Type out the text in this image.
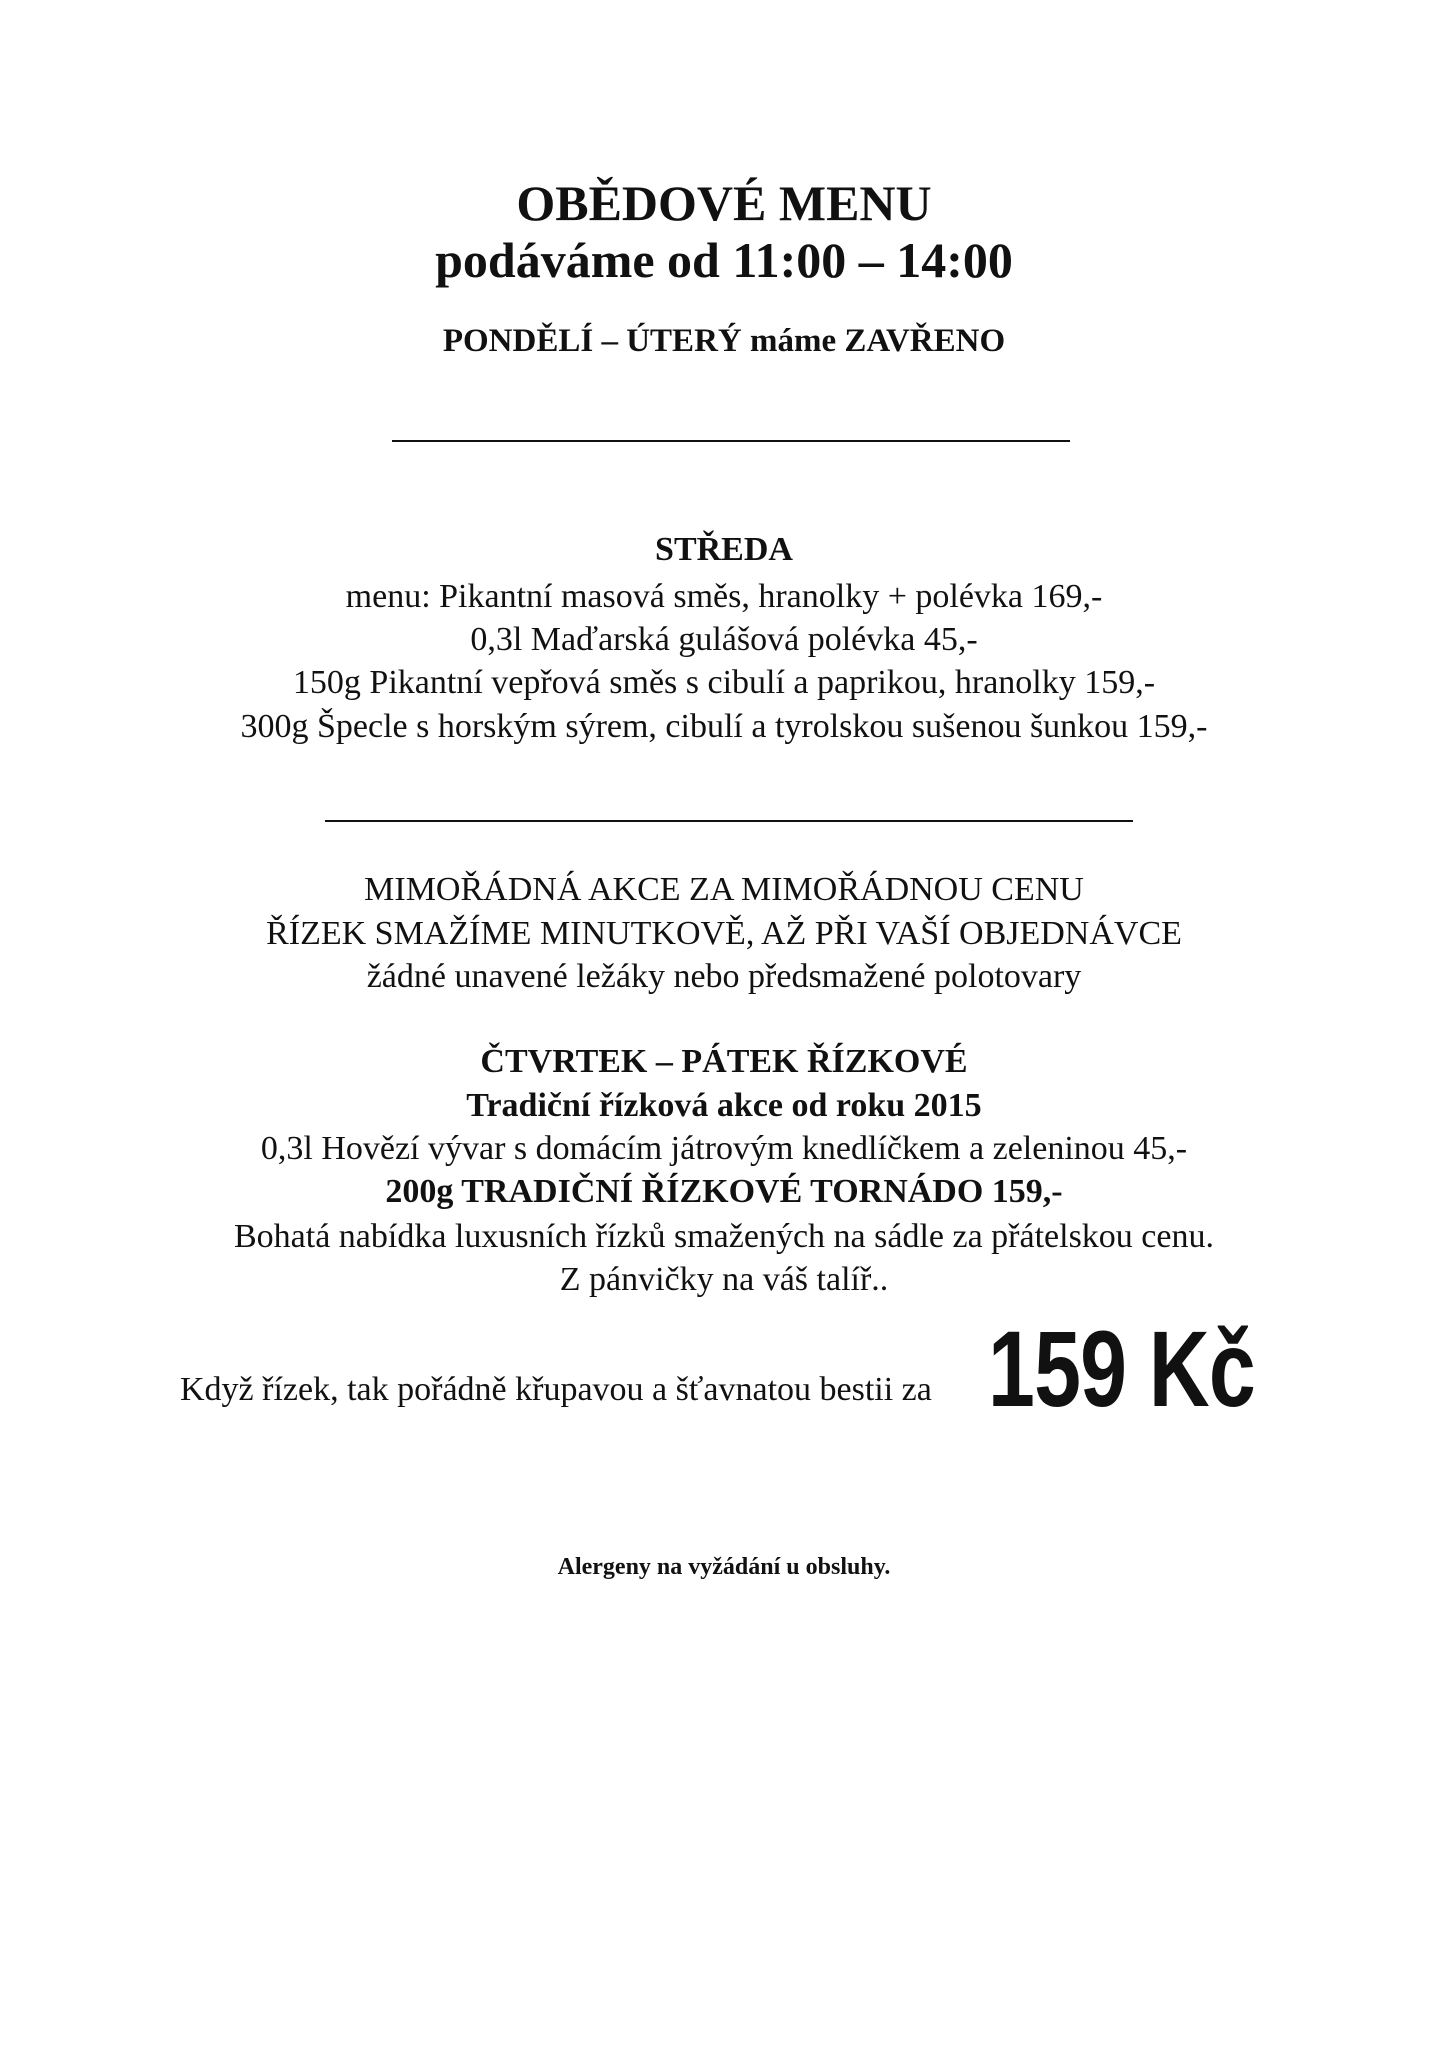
OBĚDOVÉ MENU
podáváme od 11:00 – 14:00
PONDĚLÍ – ÚTERÝ máme ZAVŘENO
STŘEDA
menu: Pikantní masová směs, hranolky + polévka 169,-
0,3l Maďarská gulášová polévka 45,-
150g Pikantní vepřová směs s cibulí a paprikou, hranolky 159,-
300g Špecle s horským sýrem, cibulí a tyrolskou sušenou šunkou 159,-
MIMOŘÁDNÁ AKCE ZA MIMOŘÁDNOU CENU
ŘÍZEK SMAŽÍME MINUTKOVĚ, AŽ PŘI VAŠÍ OBJEDNÁVCE
žádné unavené ležáky nebo předsmažené polotovary
ČTVRTEK – PÁTEK ŘÍZKOVÉ
Tradiční řízková akce od roku 2015
0,3l Hovězí vývar s domácím játrovým knedlíčkem a zeleninou 45,-
200g TRADIČNÍ ŘÍZKOVÉ TORNÁDO 159,-
Bohatá nabídka luxusních řízků smažených na sádle za přátelskou cenu.
Z pánvičky na váš talíř..
Když řízek, tak pořádně křupavou a šťavnatou bestii za 159 Kč
Alergeny na vyžádání u obsluhy.
